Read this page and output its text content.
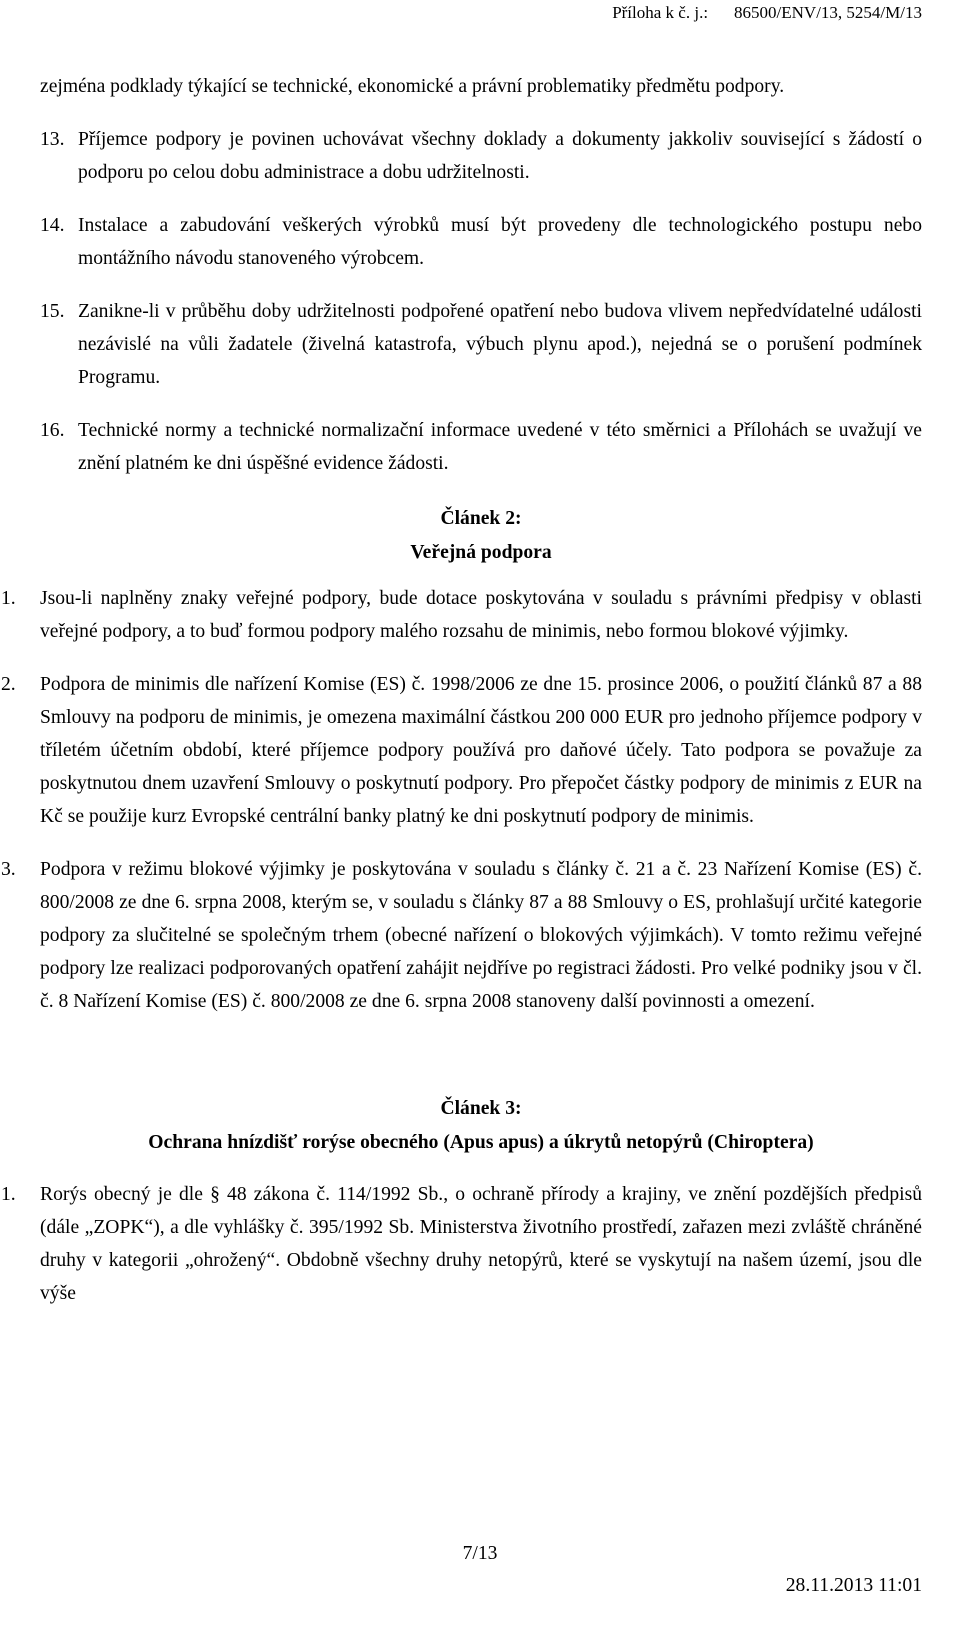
Příloha k č. j.: 86500/ENV/13, 5254/M/13

zejména podklady týkající se technické, ekonomické a právní problematiky předmětu podpory.

13. Příjemce podpory je povinen uchovávat všechny doklady a dokumenty jakkoliv související s žádostí o podporu po celou dobu administrace a dobu udržitelnosti.
14. Instalace a zabudování veškerých výrobků musí být provedeny dle technologického postupu nebo montážního návodu stanoveného výrobcem.
15. Zanikne-li v průběhu doby udržitelnosti podpořené opatření nebo budova vlivem nepředvídatelné události nezávislé na vůli žadatele (živelná katastrofa, výbuch plynu apod.), nejedná se o porušení podmínek Programu.
16. Technické normy a technické normalizační informace uvedené v této směrnici a Přílohách se uvažují ve znění platném ke dni úspěšné evidence žádosti.
Článek 2:
Veřejná podpora
1.	Jsou-li naplněny znaky veřejné podpory, bude dotace poskytována v souladu s právními předpisy v oblasti veřejné podpory, a to buď formou podpory malého rozsahu de minimis, nebo formou blokové výjimky.
2.	Podpora de minimis dle nařízení Komise (ES) č. 1998/2006 ze dne 15. prosince 2006, o použití článků 87 a 88 Smlouvy na podporu de minimis, je omezena maximální částkou 200 000 EUR pro jednoho příjemce podpory v tříletém účetním období, které příjemce podpory používá pro daňové účely. Tato podpora se považuje za poskytnutou dnem uzavření Smlouvy o poskytnutí podpory. Pro přepočet částky podpory de minimis z EUR na Kč se použije kurz Evropské centrální banky platný ke dni poskytnutí podpory de minimis.
3.	Podpora v režimu blokové výjimky je poskytována v souladu s články č. 21 a č. 23 Nařízení Komise (ES) č. 800/2008 ze dne 6. srpna 2008, kterým se, v souladu s články 87 a 88 Smlouvy o ES, prohlašují určité kategorie podpory za slučitelné se společným trhem (obecné nařízení o blokových výjimkách). V tomto režimu veřejné podpory lze realizaci podporovaných opatření zahájit nejdříve po registraci žádosti. Pro velké podniky jsou v čl. č. 8 Nařízení Komise (ES) č. 800/2008 ze dne 6. srpna 2008 stanoveny další povinnosti a omezení.
Článek 3:
Ochrana hnízdišť rorýse obecného (Apus apus) a úkrytů netopýrů (Chiroptera)
1.	Rorýs obecný je dle § 48 zákona č. 114/1992 Sb., o ochraně přírody a krajiny, ve znění pozdějších předpisů (dále „ZOPK“), a dle vyhlášky č. 395/1992 Sb. Ministerstva životního prostředí, zařazen mezi zvláště chráněné druhy v kategorii „ohrožený“. Obdobně všechny druhy netopýrů, které se vyskytují na našem území, jsou dle výše
7/13
28.11.2013 11:01
